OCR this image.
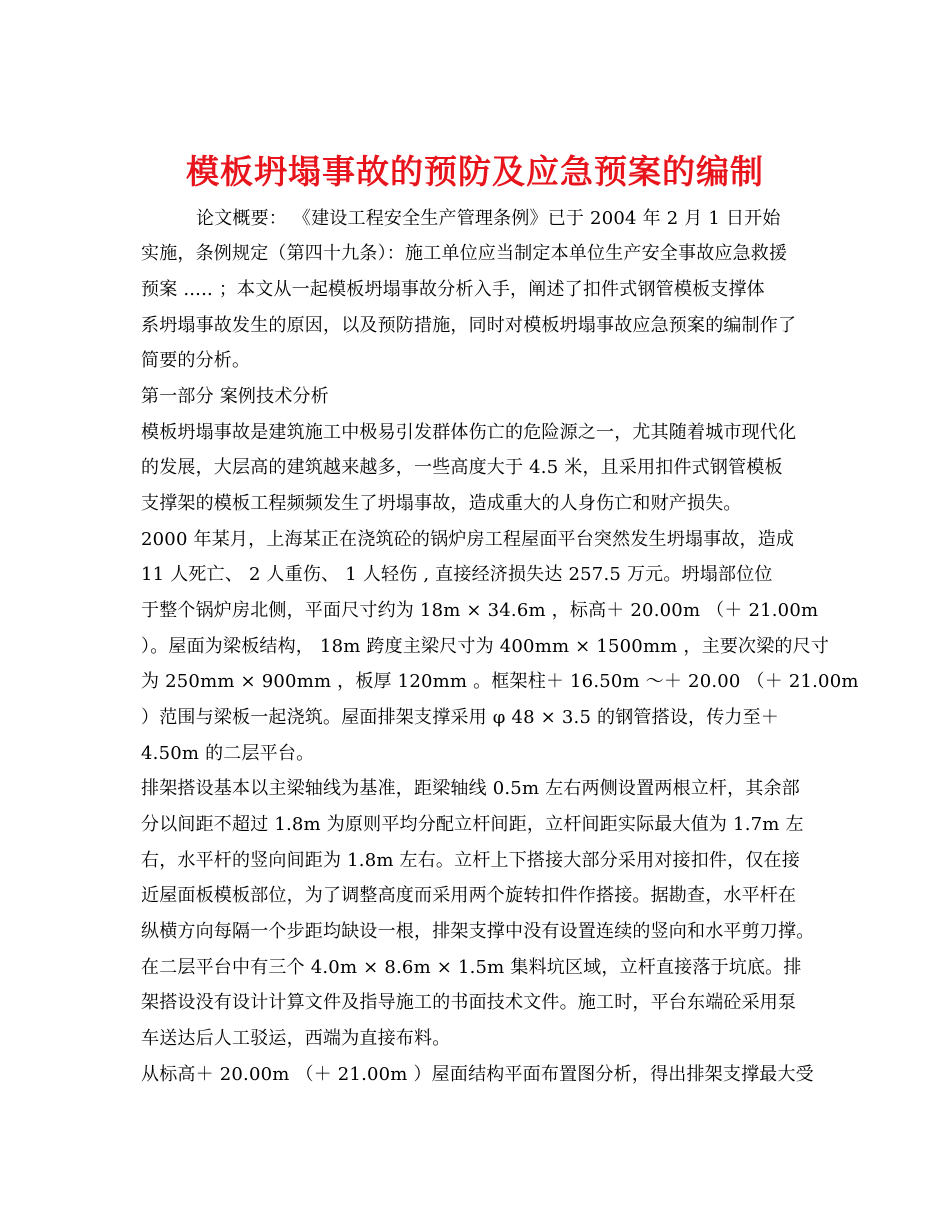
模板坍塌事故的预防及应急预案的编制
论文概要： 《建设工程安全生产管理条例》已于 2004 年 2 月 1 日开始
实施，条例规定（第四十九条）：施工单位应当制定本单位生产安全事故应急救援
预案 ..... ；本文从一起模板坍塌事故分析入手，阐述了扣件式钢管模板支撑体
系坍塌事故发生的原因，以及预防措施，同时对模板坍塌事故应急预案的编制作了
简要的分析。
第一部分 案例技术分析
模板坍塌事故是建筑施工中极易引发群体伤亡的危险源之一，尤其随着城市现代化
的发展，大层高的建筑越来越多，一些高度大于 4.5 米，且采用扣件式钢管模板
支撑架的模板工程频频发生了坍塌事故，造成重大的人身伤亡和财产损失。
2000 年某月，上海某正在浇筑砼的锅炉房工程屋面平台突然发生坍塌事故，造成
11 人死亡、 2 人重伤、 1 人轻伤 , 直接经济损失达 257.5 万元。坍塌部位位
于整个锅炉房北侧，平面尺寸约为 18m × 34.6m ，标高＋ 20.00m （＋ 21.00m
）。屋面为梁板结构， 18m 跨度主梁尺寸为 400mm × 1500mm ，主要次梁的尺寸
为 250mm × 900mm ，板厚 120mm 。框架柱＋ 16.50m ～＋ 20.00 （＋ 21.00m
）范围与梁板一起浇筑。屋面排架支撑采用 φ 48 × 3.5 的钢管搭设，传力至＋
4.50m 的二层平台。
排架搭设基本以主梁轴线为基准，距梁轴线 0.5m 左右两侧设置两根立杆，其余部
分以间距不超过 1.8m 为原则平均分配立杆间距，立杆间距实际最大值为 1.7m 左
右，水平杆的竖向间距为 1.8m 左右。立杆上下搭接大部分采用对接扣件，仅在接
近屋面板模板部位，为了调整高度而采用两个旋转扣件作搭接。据勘查，水平杆在
纵横方向每隔一个步距均缺设一根，排架支撑中没有设置连续的竖向和水平剪刀撑。
在二层平台中有三个 4.0m × 8.6m × 1.5m 集料坑区域，立杆直接落于坑底。排
架搭设没有设计计算文件及指导施工的书面技术文件。施工时，平台东端砼采用泵
车送达后人工驳运，西端为直接布料。
从标高＋ 20.00m （＋ 21.00m ）屋面结构平面布置图分析，得出排架支撑最大受
